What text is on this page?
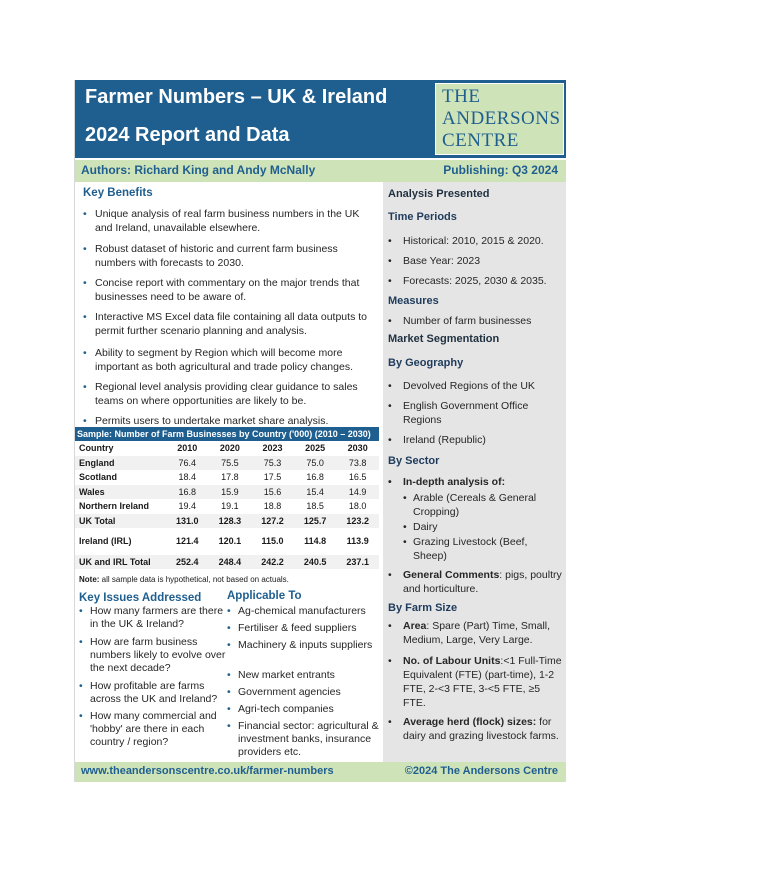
Farmer Numbers – UK & Ireland
2024 Report and Data
THE
ANDERSONS
CENTRE
Authors: Richard King and Andy McNally	Publishing: Q3 2024
Key Benefits
• Unique analysis of real farm business numbers in the UK and Ireland, unavailable elsewhere.
• Robust dataset of historic and current farm business numbers with forecasts to 2030.
• Concise report with commentary on the major trends that businesses need to be aware of.
• Interactive MS Excel data file containing all data outputs to permit further scenario planning and analysis.
• Ability to segment by Region which will become more important as both agricultural and trade policy changes.
• Regional level analysis providing clear guidance to sales teams on where opportunities are likely to be.
• Permits users to undertake market share analysis.
Sample: Number of Farm Businesses by Country ('000) (2010 – 2030)
Country	2010	2020	2023	2025	2030
England	76.4	75.5	75.3	75.0	73.8
Scotland	18.4	17.8	17.5	16.8	16.5
Wales	16.8	15.9	15.6	15.4	14.9
Northern Ireland	19.4	19.1	18.8	18.5	18.0
UK Total	131.0	128.3	127.2	125.7	123.2

Ireland (IRL)	121.4	120.1	115.0	114.8	113.9

UK and IRL Total	252.4	248.4	242.2	240.5	237.1
Note: all sample data is hypothetical, not based on actuals.
Key Issues Addressed
• How many farmers are there in the UK & Ireland?
• How are farm business numbers likely to evolve over the next decade?
• How profitable are farms across the UK and Ireland?
• How many commercial and 'hobby' are there in each country / region?
Applicable To
• Ag-chemical manufacturers
• Fertiliser & feed suppliers
• Machinery & inputs suppliers
• New market entrants
• Government agencies
• Agri-tech companies
• Financial sector: agricultural & investment banks, insurance providers etc.
Analysis Presented
Time Periods
• Historical: 2010, 2015 & 2020.
• Base Year: 2023
• Forecasts: 2025, 2030 & 2035.
Measures
• Number of farm businesses
Market Segmentation
By Geography
• Devolved Regions of the UK
• English Government Office Regions
• Ireland (Republic)
By Sector
• In-depth analysis of:
• Arable (Cereals & General Cropping)
• Dairy
• Grazing Livestock (Beef, Sheep)
• General Comments: pigs, poultry and horticulture.
By Farm Size
• Area: Spare (Part) Time, Small, Medium, Large, Very Large.
• No. of Labour Units:<1 Full-Time Equivalent (FTE) (part-time), 1-2 FTE, 2-<3 FTE, 3-<5 FTE, ≥5 FTE.
• Average herd (flock) sizes: for dairy and grazing livestock farms.
www.theandersonscentre.co.uk/farmer-numbers	©2024 The Andersons Centre
